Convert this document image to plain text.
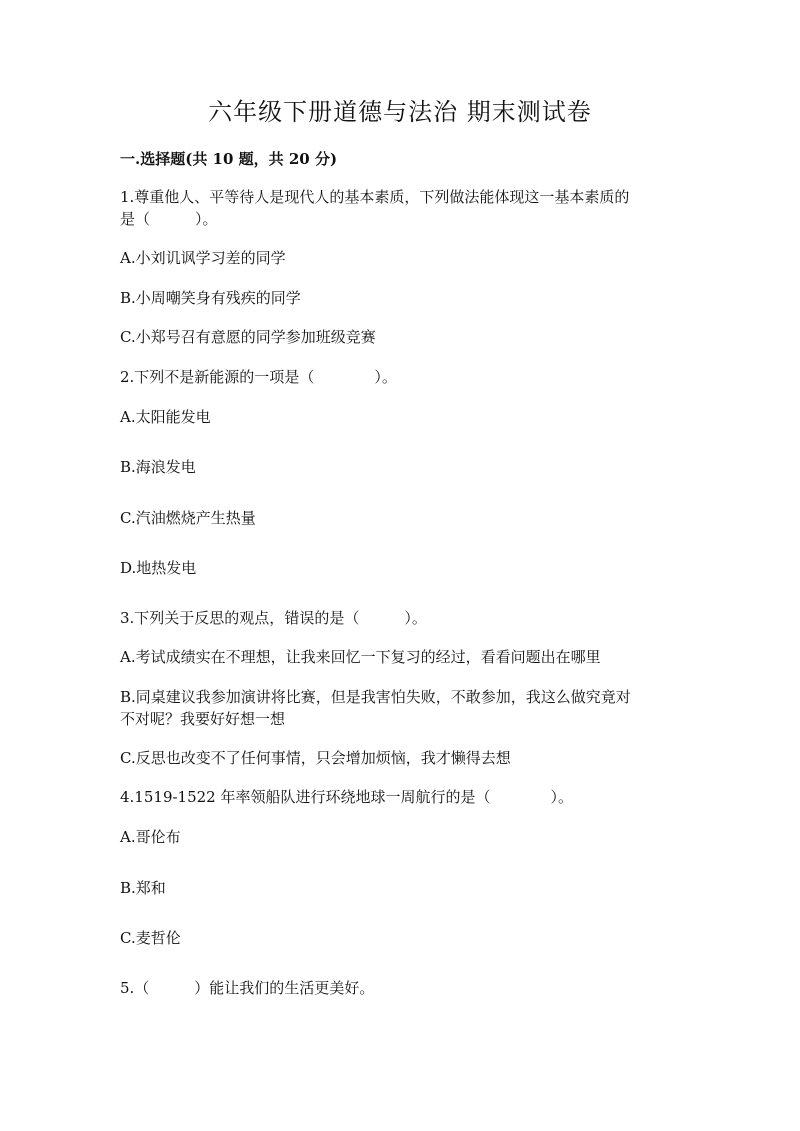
六年级下册道德与法治 期末测试卷
一.选择题(共 10 题，共 20 分)
1.尊重他人、平等待人是现代人的基本素质，下列做法能体现这一基本素质的
是（　　　）。
A.小刘讥讽学习差的同学
B.小周嘲笑身有残疾的同学
C.小郑号召有意愿的同学参加班级竞赛
2.下列不是新能源的一项是（　　　　）。
A.太阳能发电
B.海浪发电
C.汽油燃烧产生热量
D.地热发电
3.下列关于反思的观点，错误的是（　　　）。
A.考试成绩实在不理想，让我来回忆一下复习的经过，看看问题出在哪里
B.同桌建议我参加演讲将比赛，但是我害怕失败，不敢参加，我这么做究竟对
不对呢？我要好好想一想
C.反思也改变不了任何事情，只会增加烦恼，我才懒得去想
4.1519-1522 年率领船队进行环绕地球一周航行的是（　　　　）。
A.哥伦布
B.郑和
C.麦哲伦
5.（　　　）能让我们的生活更美好。
